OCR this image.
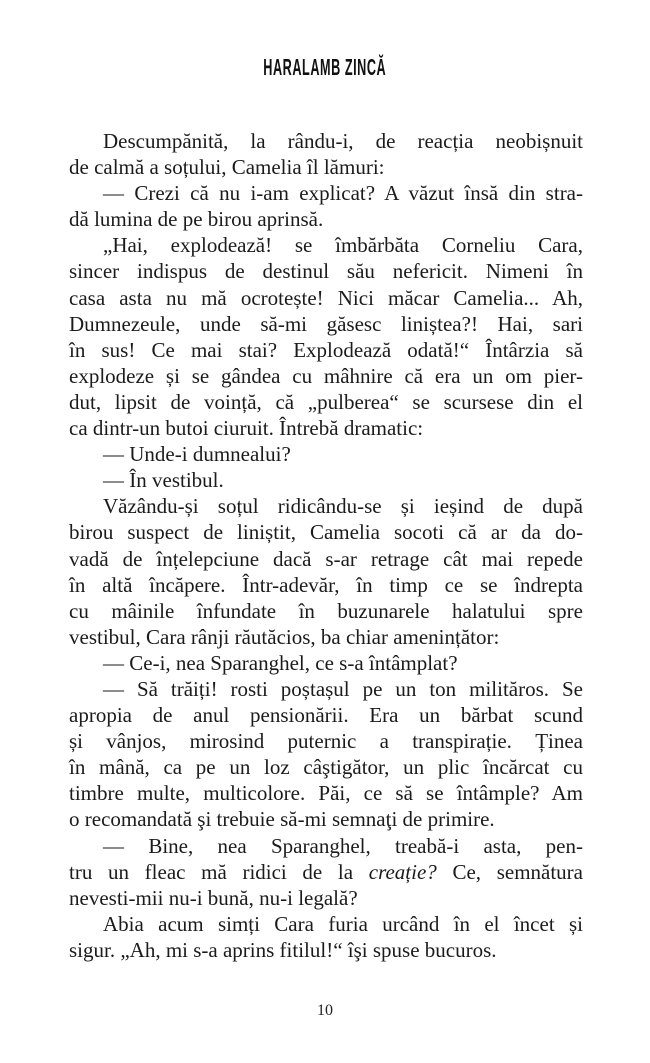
HARALAMB ZINCĂ
Descumpănită, la rându-i, de reacția neobișnuit
de calmă a soțului, Camelia îl lămuri:
— Crezi că nu i-am explicat? A văzut însă din stra-
dă lumina de pe birou aprinsă.
„Hai, explodează! se îmbărbăta Corneliu Cara,
sincer indispus de destinul său nefericit. Nimeni în
casa asta nu mă ocrotește! Nici măcar Camelia... Ah,
Dumnezeule, unde să-mi găsesc liniștea?! Hai, sari
în sus! Ce mai stai? Explodează odată!“ Întârzia să
explodeze și se gândea cu mâhnire că era un om pier-
dut, lipsit de voință, că „pulberea“ se scursese din el
ca dintr-un butoi ciuruit. Întrebă dramatic:
— Unde-i dumnealui?
— În vestibul.
Văzându-și soțul ridicându-se și ieșind de după
birou suspect de liniștit, Camelia socoti că ar da do-
vadă de înțelepciune dacă s-ar retrage cât mai repede
în altă încăpere. Într-adevăr, în timp ce se îndrepta
cu mâinile înfundate în buzunarele halatului spre
vestibul, Cara rânji răutăcios, ba chiar amenințător:
— Ce-i, nea Sparanghel, ce s-a întâmplat?
— Să trăiți! rosti poștașul pe un ton milităros. Se
apropia de anul pensionării. Era un bărbat scund
și vânjos, mirosind puternic a transpirație. Ținea
în mână, ca pe un loz câştigător, un plic încărcat cu
timbre multe, multicolore. Păi, ce să se întâmple? Am
o recomandată şi trebuie să-mi semnaţi de primire.
— Bine, nea Sparanghel, treabă-i asta, pen-
tru un fleac mă ridici de la creație? Ce, semnătura
nevesti-mii nu-i bună, nu-i legală?
Abia acum simți Cara furia urcând în el încet și
sigur. „Ah, mi s-a aprins fitilul!“ îşi spuse bucuros.
10
